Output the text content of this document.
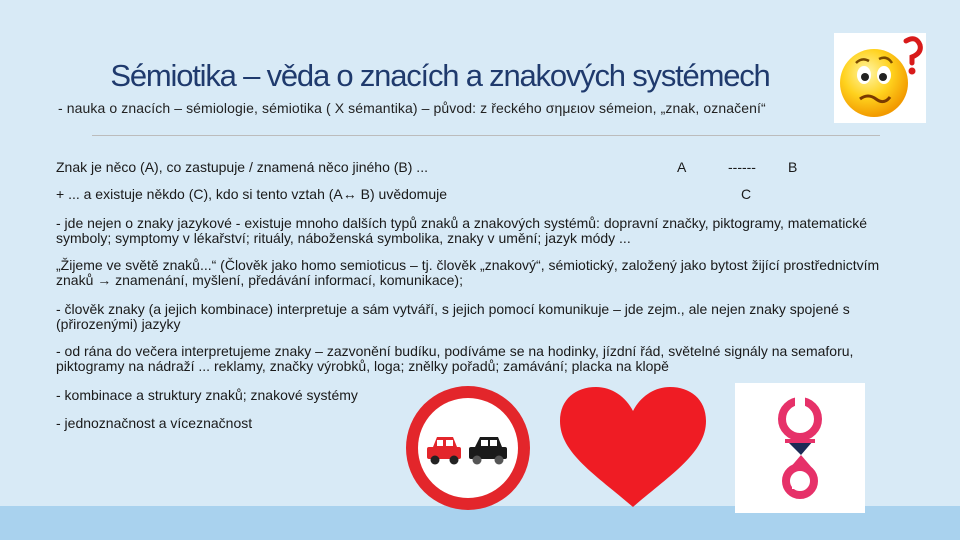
Sémiotika – věda o znacích a znakových systémech
- nauka o znacích – sémiologie, sémiotika ( X sémantika) – původ: z řeckého σημειον sémeion, „znak, označení“
Znak je něco (A), co zastupuje / znamená něco jiného (B) ...	A	------ B
+ ... a existuje někdo (C), kdo si tento vztah (A↔ B) uvědomuje	C
- jde nejen o znaky jazykové - existuje mnoho dalších typů znaků a znakových systémů: dopravní značky, piktogramy, matematické symboly; symptomy v lékařství; rituály, náboženská symbolika, znaky v umění; jazyk módy ...
„Žijeme ve světě znaků...“ (Člověk jako homo semioticus – tj. člověk „znakový“, sémiotický, založený jako bytost žijící prostřednictvím znaků → znamenání, myšlení, předávání informací, komunikace);
- člověk znaky (a jejich kombinace) interpretuje a sám vytváří, s jejich pomocí komunikuje – jde zejm., ale nejen znaky spojené s (přirozenými) jazyky
- od rána do večera interpretujeme znaky – zazvonění budíku, podíváme se na hodinky, jízdní řád, světelné signály na semaforu, piktogramy na nádraží ... reklamy, značky výrobků, loga; znělky pořadů; zamávání; placka na klopě
- kombinace a struktury znaků; znakové systémy
- jednoznačnost a víceznačnost
